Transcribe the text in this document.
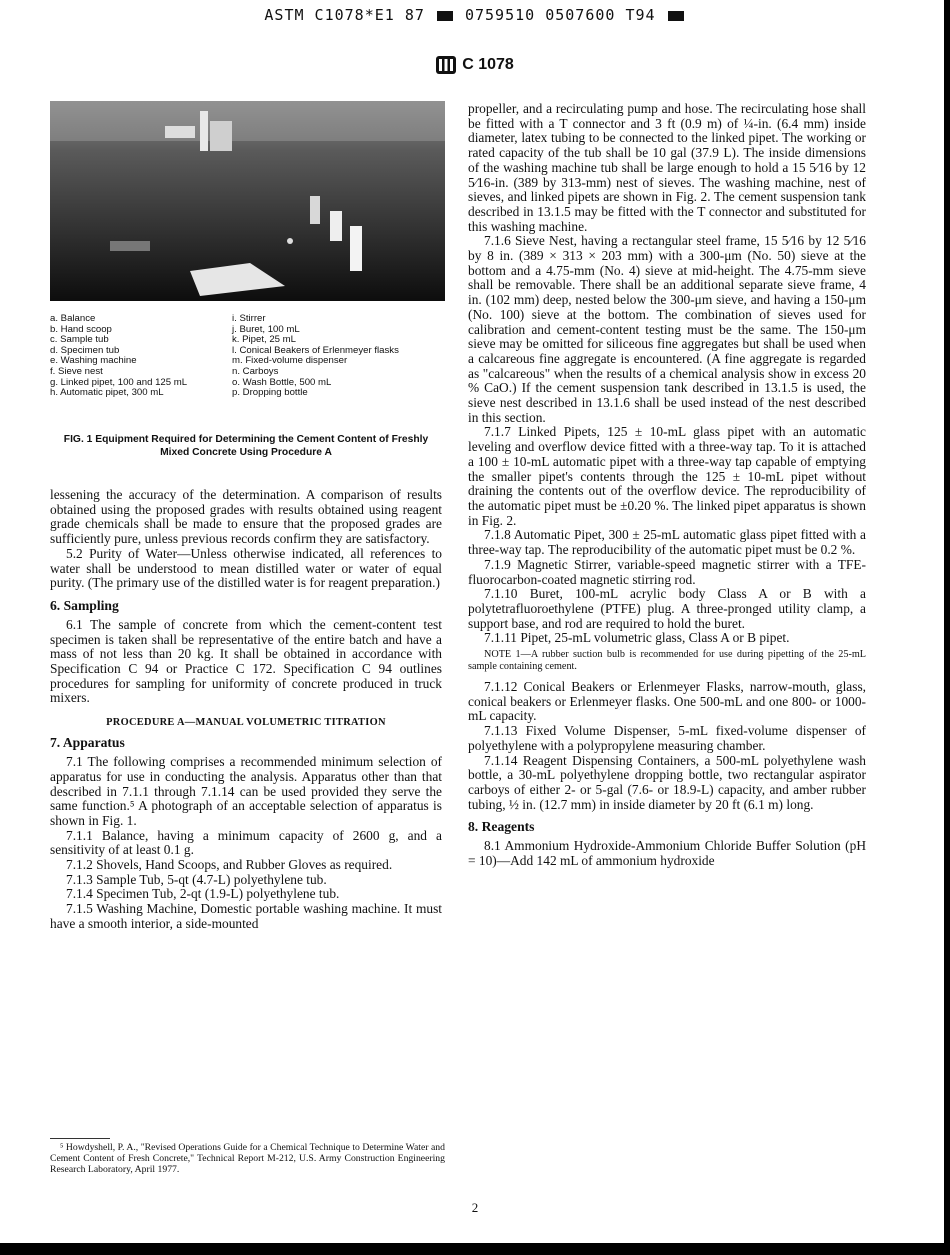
ASTM C1078*E1 87	0759510 0507600 T94
C 1078
a. Balance
b. Hand scoop
c. Sample tub
d. Specimen tub
e. Washing machine
f. Sieve nest
g. Linked pipet, 100 and 125 mL
h. Automatic pipet, 300 mL
i. Stirrer
j. Buret, 100 mL
k. Pipet, 25 mL
l. Conical Beakers of Erlenmeyer flasks
m. Fixed-volume dispenser
n. Carboys
o. Wash Bottle, 500 mL
p. Dropping bottle
FIG. 1 Equipment Required for Determining the Cement Content of Freshly Mixed Concrete Using Procedure A

lessening the accuracy of the determination. A comparison of results obtained using the proposed grades with results obtained using reagent grade chemicals shall be made to ensure that the proposed grades are sufficiently pure, unless previous records confirm they are satisfactory.

5.2 Purity of Water—Unless otherwise indicated, all references to water shall be understood to mean distilled water or water of equal purity. (The primary use of the distilled water is for reagent preparation.)

6. Sampling

6.1 The sample of concrete from which the cement-content test specimen is taken shall be representative of the entire batch and have a mass of not less than 20 kg. It shall be obtained in accordance with Specification C 94 or Practice C 172. Specification C 94 outlines procedures for sampling for uniformity of concrete produced in truck mixers.

PROCEDURE A—MANUAL VOLUMETRIC TITRATION
7. Apparatus

7.1 The following comprises a recommended minimum selection of apparatus for use in conducting the analysis. Apparatus other than that described in 7.1.1 through 7.1.14 can be used provided they serve the same function.⁵ A photograph of an acceptable selection of apparatus is shown in Fig. 1.

7.1.1 Balance, having a minimum capacity of 2600 g, and a sensitivity of at least 0.1 g.

7.1.2 Shovels, Hand Scoops, and Rubber Gloves as required.

7.1.3 Sample Tub, 5-qt (4.7-L) polyethylene tub.

7.1.4 Specimen Tub, 2-qt (1.9-L) polyethylene tub.

7.1.5 Washing Machine, Domestic portable washing machine. It must have a smooth interior, a side-mounted

⁵ Howdyshell, P. A., "Revised Operations Guide for a Chemical Technique to Determine Water and Cement Content of Fresh Concrete," Technical Report M-212, U.S. Army Construction Engineering Research Laboratory, April 1977.

propeller, and a recirculating pump and hose. The recirculating hose shall be fitted with a T connector and 3 ft (0.9 m) of ¼-in. (6.4 mm) inside diameter, latex tubing to be connected to the linked pipet. The working or rated capacity of the tub shall be 10 gal (37.9 L). The inside dimensions of the washing machine tub shall be large enough to hold a 15 5⁄16 by 12 5⁄16-in. (389 by 313-mm) nest of sieves. The washing machine, nest of sieves, and linked pipets are shown in Fig. 2. The cement suspension tank described in 13.1.5 may be fitted with the T connector and substituted for this washing machine.

7.1.6 Sieve Nest, having a rectangular steel frame, 15 5⁄16 by 12 5⁄16 by 8 in. (389 × 313 × 203 mm) with a 300-μm (No. 50) sieve at the bottom and a 4.75-mm (No. 4) sieve at mid-height. The 4.75-mm sieve shall be removable. There shall be an additional separate sieve frame, 4 in. (102 mm) deep, nested below the 300-μm sieve, and having a 150-μm (No. 100) sieve at the bottom. The combination of sieves used for calibration and cement-content testing must be the same. The 150-μm sieve may be omitted for siliceous fine aggregates but shall be used when a calcareous fine aggregate is encountered. (A fine aggregate is regarded as "calcareous" when the results of a chemical analysis show in excess 20 % CaO.) If the cement suspension tank described in 13.1.5 is used, the sieve nest described in 13.1.6 shall be used instead of the nest described in this section.

7.1.7 Linked Pipets, 125 ± 10-mL glass pipet with an automatic leveling and overflow device fitted with a three-way tap. To it is attached a 100 ± 10-mL automatic pipet with a three-way tap capable of emptying the smaller pipet's contents through the 125 ± 10-mL pipet without draining the contents out of the overflow device. The reproducibility of the automatic pipet must be ±0.20 %. The linked pipet apparatus is shown in Fig. 2.

7.1.8 Automatic Pipet, 300 ± 25-mL automatic glass pipet fitted with a three-way tap. The reproducibility of the automatic pipet must be 0.2 %.

7.1.9 Magnetic Stirrer, variable-speed magnetic stirrer with a TFE-fluorocarbon-coated magnetic stirring rod.

7.1.10 Buret, 100-mL acrylic body Class A or B with a polytetrafluoroethylene (PTFE) plug. A three-pronged utility clamp, a support base, and rod are required to hold the buret.

7.1.11 Pipet, 25-mL volumetric glass, Class A or B pipet.

NOTE 1—A rubber suction bulb is recommended for use during pipetting of the 25-mL sample containing cement.

7.1.12 Conical Beakers or Erlenmeyer Flasks, narrow-mouth, glass, conical beakers or Erlenmeyer flasks. One 500-mL and one 800- or 1000-mL capacity.

7.1.13 Fixed Volume Dispenser, 5-mL fixed-volume dispenser of polyethylene with a polypropylene measuring chamber.

7.1.14 Reagent Dispensing Containers, a 500-mL polyethylene wash bottle, a 30-mL polyethylene dropping bottle, two rectangular aspirator carboys of either 2- or 5-gal (7.6- or 18.9-L) capacity, and amber rubber tubing, ½ in. (12.7 mm) in inside diameter by 20 ft (6.1 m) long.

8. Reagents

8.1 Ammonium Hydroxide-Ammonium Chloride Buffer Solution (pH = 10)—Add 142 mL of ammonium hydroxide

2
